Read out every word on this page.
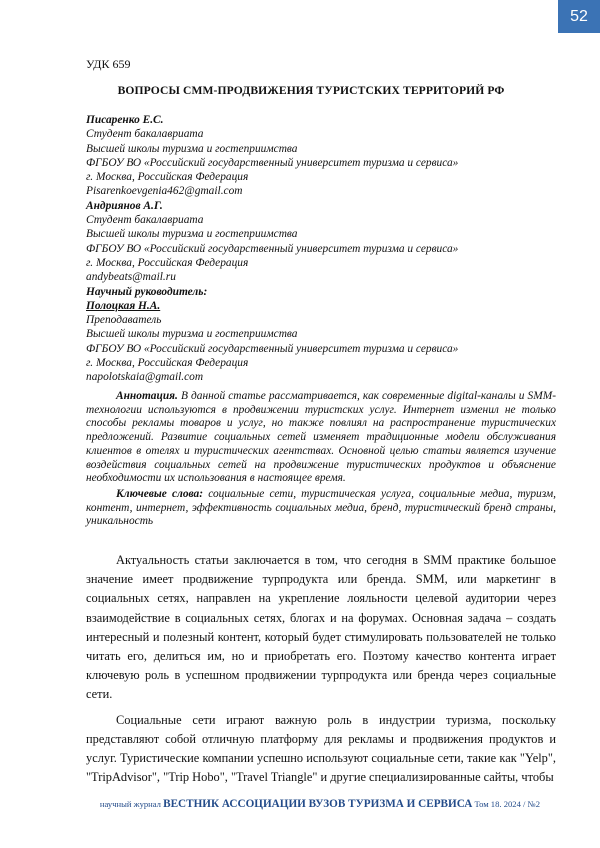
52
УДК 659
ВОПРОСЫ СММ-ПРОДВИЖЕНИЯ ТУРИСТСКИХ ТЕРРИТОРИЙ РФ
Писаренко Е.С.
Студент бакалавриата
Высшей школы туризма и гостеприимства
ФГБОУ ВО «Российский государственный университет туризма и сервиса»
г. Москва, Российская Федерация
Pisarenkoevgenia462@gmail.com
Андриянов А.Г.
Студент бакалавриата
Высшей школы туризма и гостеприимства
ФГБОУ ВО «Российский государственный университет туризма и сервиса»
г. Москва, Российская Федерация
andybeats@mail.ru
Научный руководитель:
Полоцкая Н.А.
Преподаватель
Высшей школы туризма и гостеприимства
ФГБОУ ВО «Российский государственный университет туризма и сервиса»
г. Москва, Российская Федерация
napolotskaia@gmail.com

Аннотация. В данной статье рассматривается, как современные digital-каналы и SMM-технологии используются в продвижении туристских услуг. Интернет изменил не только способы рекламы товаров и услуг, но также повлиял на распространение туристических предложений. Развитие социальных сетей изменяет традиционные модели обслуживания клиентов в отелях и туристических агентствах. Основной целью статьи является изучение воздействия социальных сетей на продвижение туристических продуктов и объяснение необходимости их использования в настоящее время.

Ключевые слова: социальные сети, туристическая услуга, социальные медиа, туризм, контент, интернет, эффективность социальных медиа, бренд, туристический бренд страны, уникальность

Актуальность статьи заключается в том, что сегодня в SMM практике большое значение имеет продвижение турпродукта или бренда. SMM, или маркетинг в социальных сетях, направлен на укрепление лояльности целевой аудитории через взаимодействие в социальных сетях, блогах и на форумах. Основная задача – создать интересный и полезный контент, который будет стимулировать пользователей не только читать его, делиться им, но и приобретать его. Поэтому качество контента играет ключевую роль в успешном продвижении турпродукта или бренда через социальные сети.

Социальные сети играют важную роль в индустрии туризма, поскольку представляют собой отличную платформу для рекламы и продвижения продуктов и услуг. Туристические компании успешно используют социальные сети, такие как "Yelp", "TripAdvisor", "Trip Hobo", "Travel Triangle" и другие специализированные сайты, чтобы

научный журнал ВЕСТНИК АССОЦИАЦИИ ВУЗОВ ТУРИЗМА И СЕРВИСА Том 18. 2024 / №2
